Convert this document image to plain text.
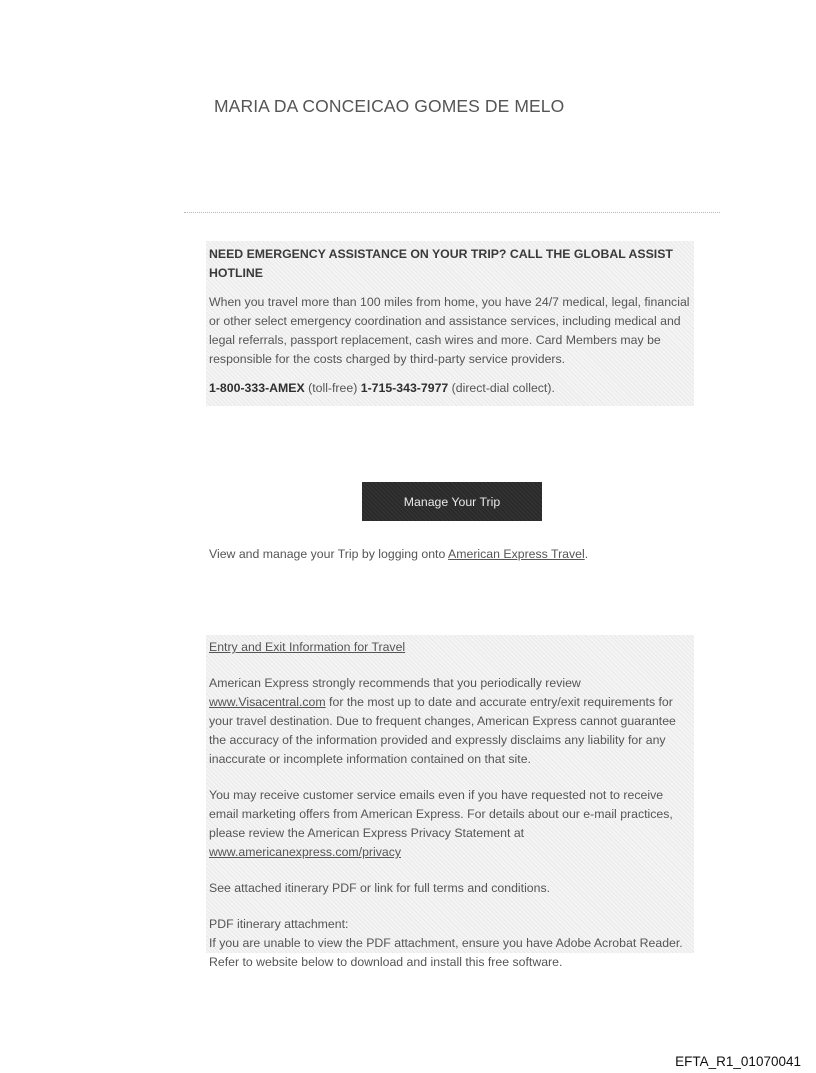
MARIA DA CONCEICAO GOMES DE MELO

NEED EMERGENCY ASSISTANCE ON YOUR TRIP? CALL THE GLOBAL ASSIST HOTLINE

When you travel more than 100 miles from home, you have 24/7 medical, legal, financial or other select emergency coordination and assistance services, including medical and legal referrals, passport replacement, cash wires and more. Card Members may be responsible for the costs charged by third-party service providers.

1-800-333-AMEX (toll-free) 1-715-343-7977 (direct-dial collect).

Manage Your Trip
View and manage your Trip by logging onto American Express Travel.

Entry and Exit Information for Travel

American Express strongly recommends that you periodically review www.Visacentral.com for the most up to date and accurate entry/exit requirements for your travel destination. Due to frequent changes, American Express cannot guarantee the accuracy of the information provided and expressly disclaims any liability for any inaccurate or incomplete information contained on that site.

You may receive customer service emails even if you have requested not to receive email marketing offers from American Express. For details about our e-mail practices, please review the American Express Privacy Statement at www.americanexpress.com/privacy

See attached itinerary PDF or link for full terms and conditions.

PDF itinerary attachment:

If you are unable to view the PDF attachment, ensure you have Adobe Acrobat Reader. Refer to website below to download and install this free software.

EFTA_R1_01070041
